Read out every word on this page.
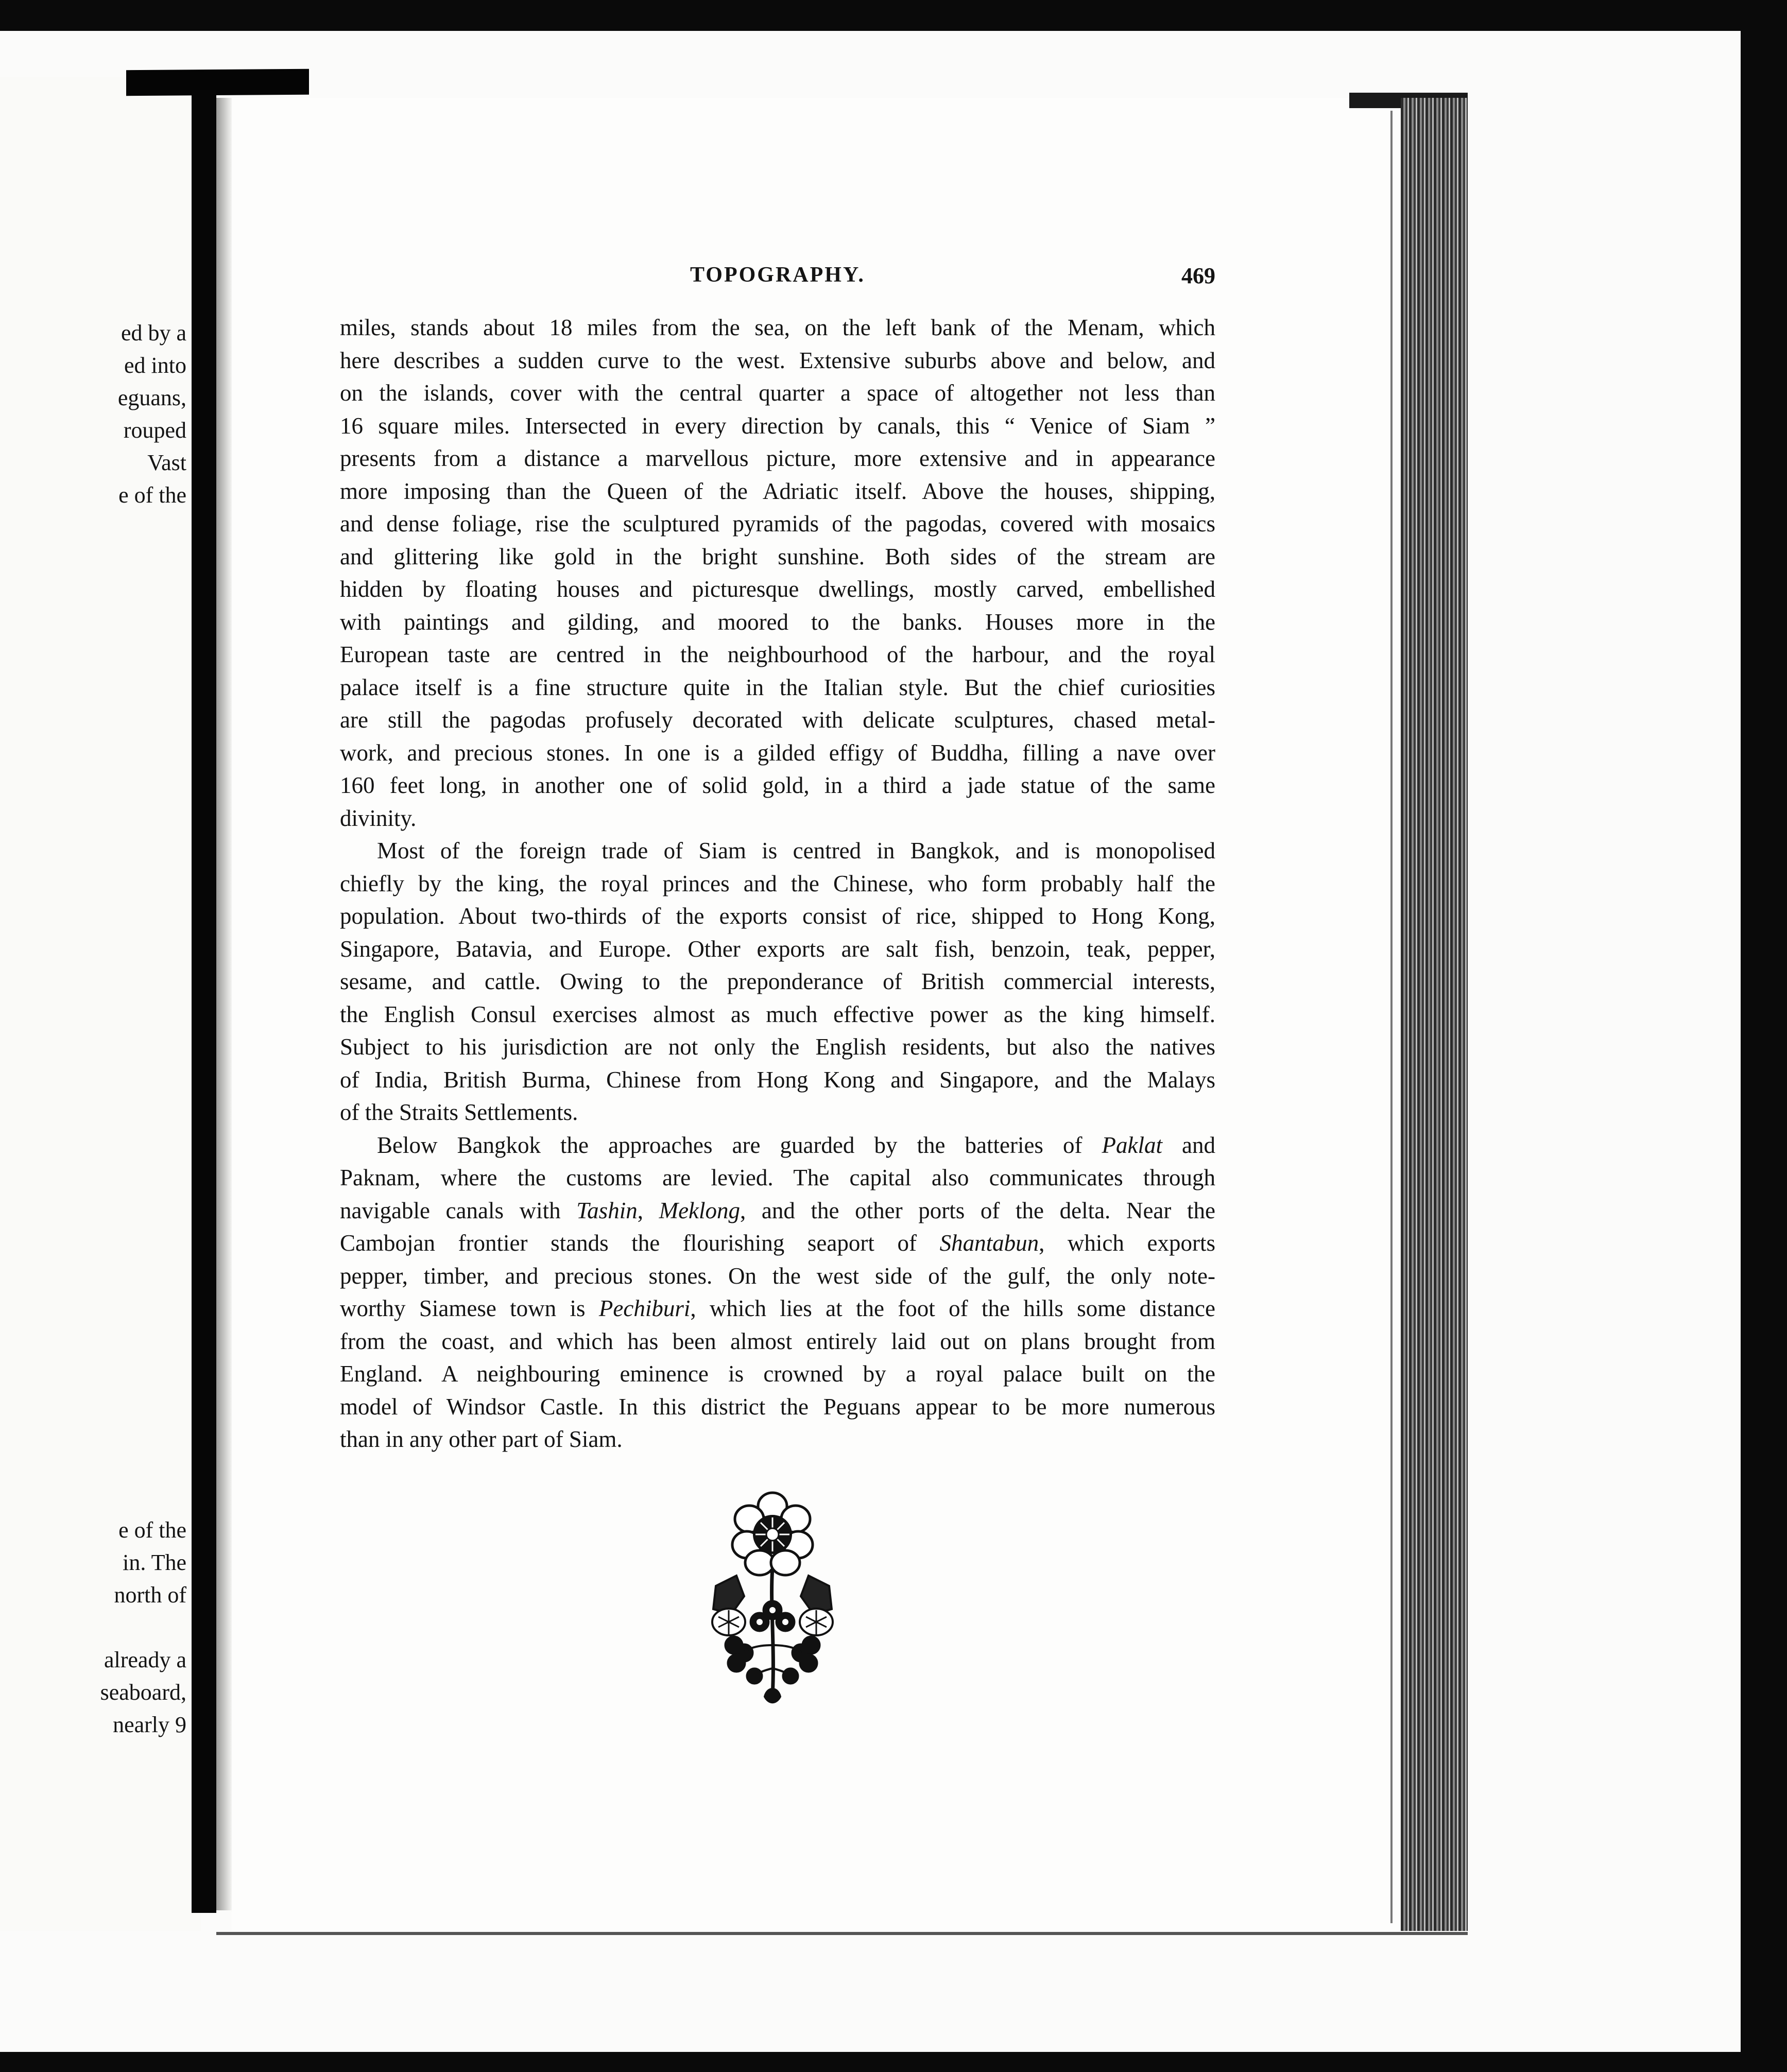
ed by a
ed into
eguans,
rouped
Vast
e of the
e of the
in. The
north of
already a
seaboard,
nearly 9
TOPOGRAPHY.	469
miles, stands about 18 miles from the sea, on the left bank of the Menam, which
here describes a sudden curve to the west. Extensive suburbs above and below, and
on the islands, cover with the central quarter a space of altogether not less than
16 square miles. Intersected in every direction by canals, this “ Venice of Siam ”
presents from a distance a marvellous picture, more extensive and in appearance
more imposing than the Queen of the Adriatic itself. Above the houses, shipping,
and dense foliage, rise the sculptured pyramids of the pagodas, covered with mosaics
and glittering like gold in the bright sunshine. Both sides of the stream are
hidden by floating houses and picturesque dwellings, mostly carved, embellished
with paintings and gilding, and moored to the banks. Houses more in the
European taste are centred in the neighbourhood of the harbour, and the royal
palace itself is a fine structure quite in the Italian style. But the chief curiosities
are still the pagodas profusely decorated with delicate sculptures, chased metal-
work, and precious stones. In one is a gilded effigy of Buddha, filling a nave over
160 feet long, in another one of solid gold, in a third a jade statue of the same
divinity.
Most of the foreign trade of Siam is centred in Bangkok, and is monopolised
chiefly by the king, the royal princes and the Chinese, who form probably half the
population. About two-thirds of the exports consist of rice, shipped to Hong Kong,
Singapore, Batavia, and Europe. Other exports are salt fish, benzoin, teak, pepper,
sesame, and cattle. Owing to the preponderance of British commercial interests,
the English Consul exercises almost as much effective power as the king himself.
Subject to his jurisdiction are not only the English residents, but also the natives
of India, British Burma, Chinese from Hong Kong and Singapore, and the Malays
of the Straits Settlements.
Below Bangkok the approaches are guarded by the batteries of Paklat and
Paknam, where the customs are levied. The capital also communicates through
navigable canals with Tashin, Meklong, and the other ports of the delta. Near the
Cambojan frontier stands the flourishing seaport of Shantabun, which exports
pepper, timber, and precious stones. On the west side of the gulf, the only note-
worthy Siamese town is Pechiburi, which lies at the foot of the hills some distance
from the coast, and which has been almost entirely laid out on plans brought from
England. A neighbouring eminence is crowned by a royal palace built on the
model of Windsor Castle. In this district the Peguans appear to be more numerous
than in any other part of Siam.
